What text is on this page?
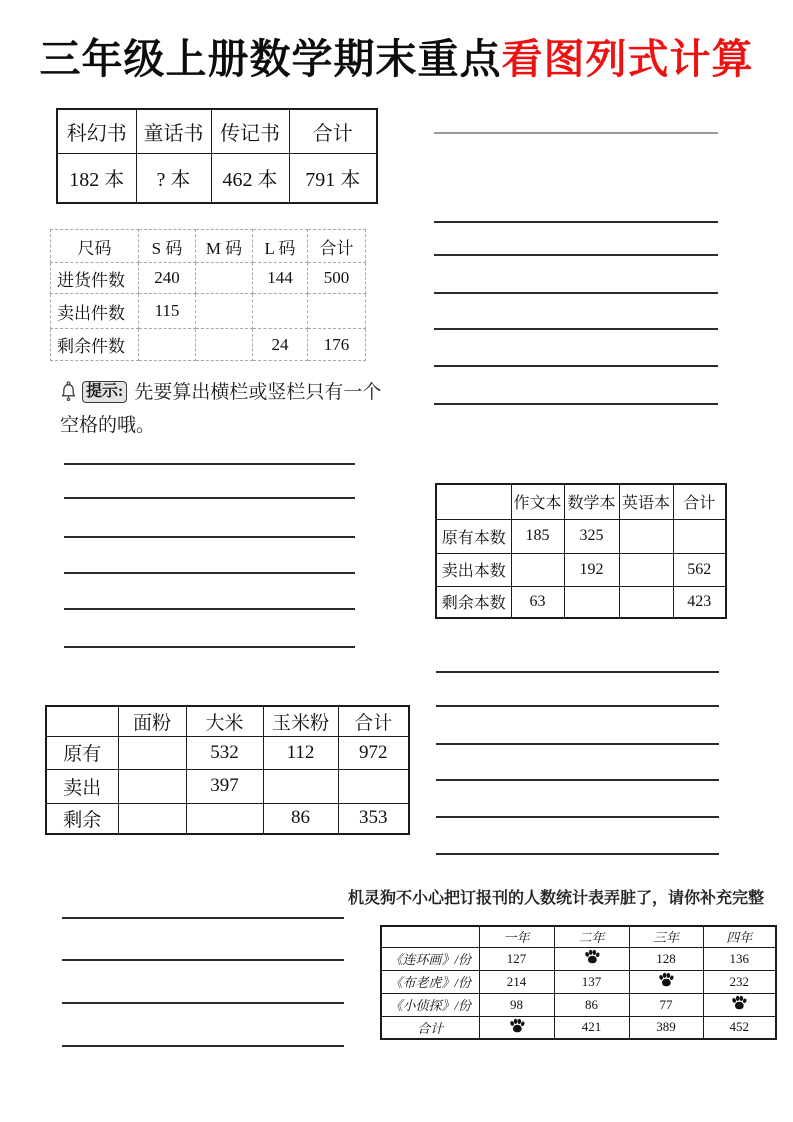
三年级上册数学期末重点看图列式计算
科幻书	童话书	传记书	合计
182 本	? 本	462 本	791 本
尺码	S 码	M 码	L 码	合计
进货件数	240		144	500
卖出件数	115			
剩余件数			24	176
提示: 先要算出横栏或竖栏只有一个空格的哦。
	作文本	数学本	英语本	合计
原有本数	185	325		
卖出本数		192		562
剩余本数	63			423
	面粉	大米	玉米粉	合计
原有		532	112	972
卖出		397		
剩余			86	353
机灵狗不小心把订报刊的人数统计表弄脏了，请你补充完整
	一年	二年	三年	四年
《连环画》/份	127		128	136
《布老虎》/份	214	137		232
《小侦探》/份	98	86	77	
合计		421	389	452
